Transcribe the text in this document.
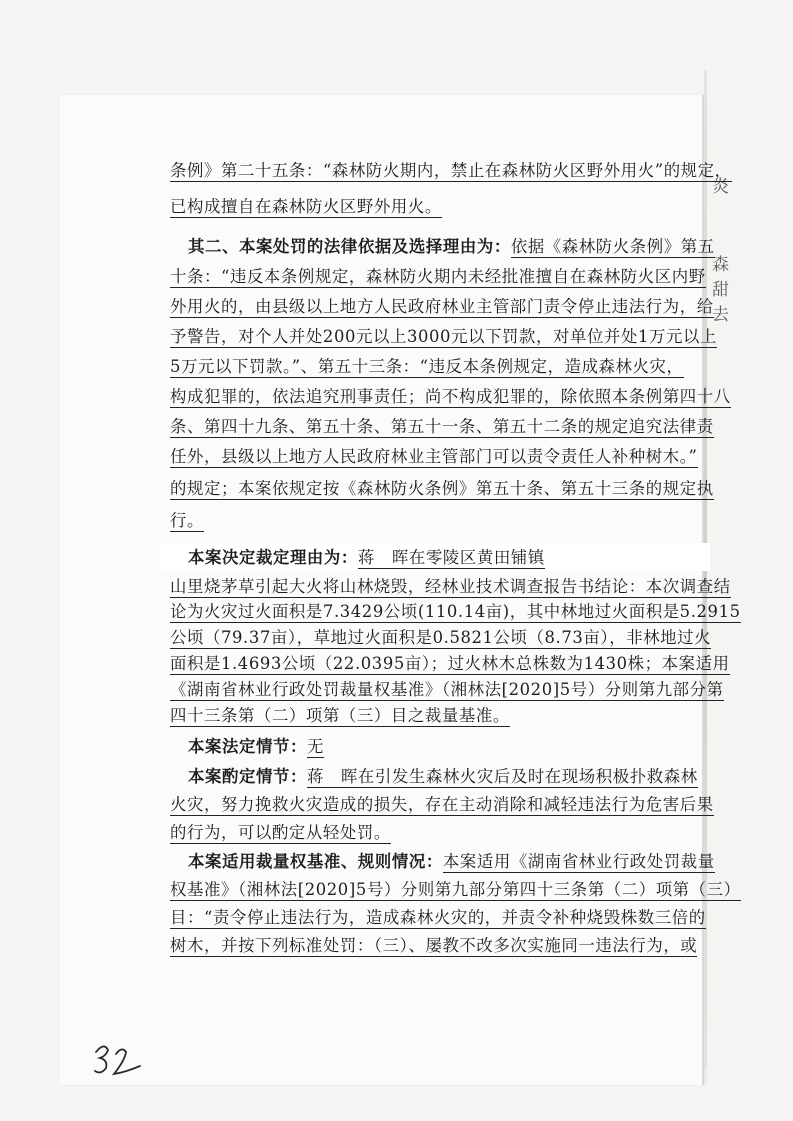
炎
森
甜
去
条例》第二十五条：“森林防火期内，禁止在森林防火区野外用火”的规定，
已构成擅自在森林防火区野外用火。
其二、本案处罚的法律依据及选择理由为：依据《森林防火条例》第五
十条：“违反本条例规定，森林防火期内未经批准擅自在森林防火区内野
外用火的，由县级以上地方人民政府林业主管部门责令停止违法行为，给
予警告，对个人并处200元以上3000元以下罚款，对单位并处1万元以上
5万元以下罚款。”、第五十三条：“违反本条例规定，造成森林火灾，
构成犯罪的，依法追究刑事责任；尚不构成犯罪的，除依照本条例第四十八
条、第四十九条、第五十条、第五十一条、第五十二条的规定追究法律责
任外，县级以上地方人民政府林业主管部门可以责令责任人补种树木。”
的规定；本案依规定按《森林防火条例》第五十条、第五十三条的规定执
行。
本案决定裁定理由为：蒋　晖在零陵区黄田铺镇
山里烧茅草引起大火将山林烧毁，经林业技术调查报告书结论：本次调查结
论为火灾过火面积是7.3429公顷(110.14亩)，其中林地过火面积是5.2915
公顷（79.37亩），草地过火面积是0.5821公顷（8.73亩），非林地过火
面积是1.4693公顷（22.0395亩）；过火林木总株数为1430株；本案适用
《湖南省林业行政处罚裁量权基准》（湘林法[2020]5号）分则第九部分第
四十三条第（二）项第（三）目之裁量基准。
本案法定情节：无
本案酌定情节：蒋　晖在引发生森林火灾后及时在现场积极扑救森林
火灾，努力挽救火灾造成的损失，存在主动消除和减轻违法行为危害后果
的行为，可以酌定从轻处罚。
本案适用裁量权基准、规则情况：本案适用《湖南省林业行政处罚裁量
权基准》（湘林法[2020]5号）分则第九部分第四十三条第（二）项第（三）
目：“责令停止违法行为，造成森林火灾的，并责令补种烧毁株数三倍的
树木，并按下列标准处罚：（三）、屡教不改多次实施同一违法行为，或
32
